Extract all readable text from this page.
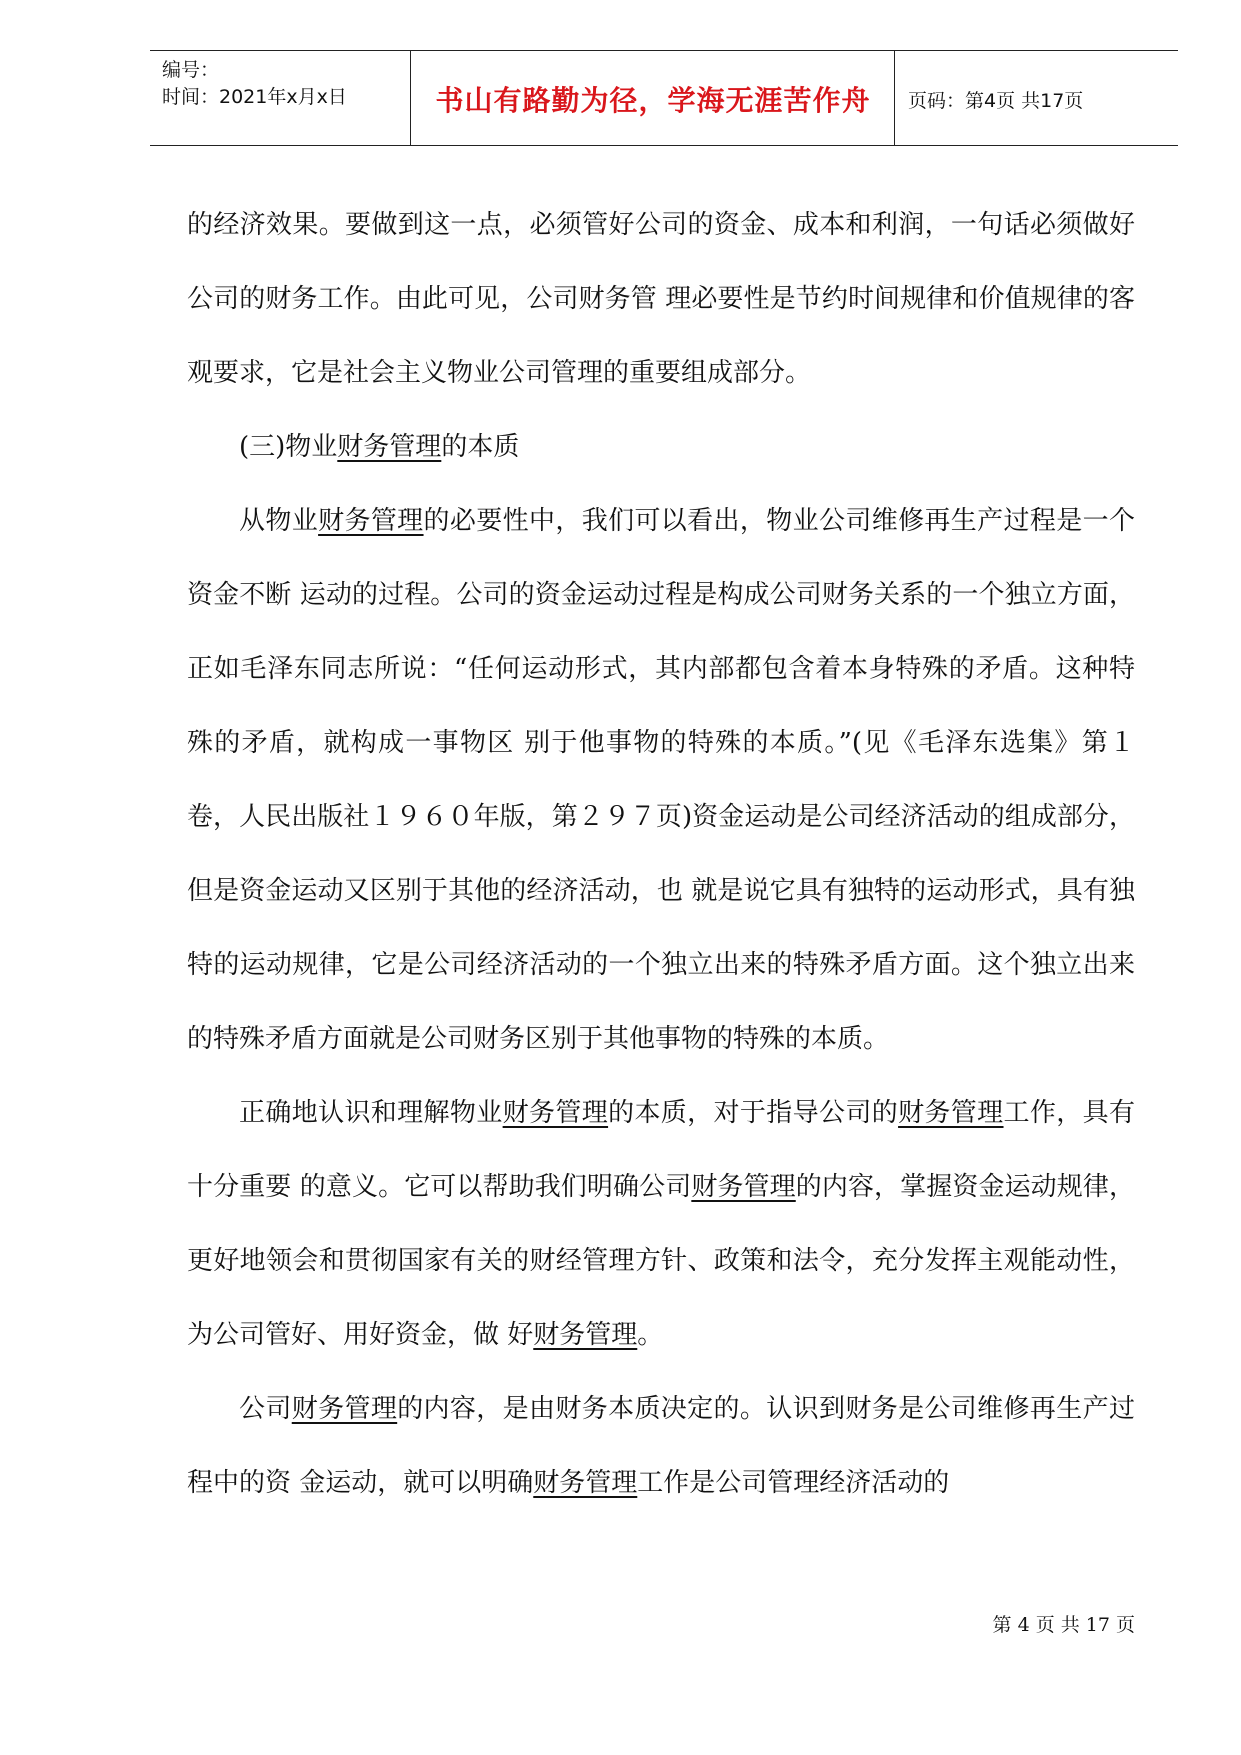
编号：
时间：2021年x月x日	书山有路勤为径，学海无涯苦作舟	页码：第4页 共17页

的经济效果。要做到这一点，必须管好公司的资金、成本和利润，一句话必须做好公司的财务工作。由此可见，公司财务管 理必要性是节约时间规律和价值规律的客观要求，它是社会主义物业公司管理的重要组成部分。

(三)物业财务管理的本质

从物业财务管理的必要性中，我们可以看出，物业公司维修再生产过程是一个资金不断 运动的过程。公司的资金运动过程是构成公司财务关系的一个独立方面，正如毛泽东同志所说：“任何运动形式，其内部都包含着本身特殊的矛盾。这种特殊的矛盾，就构成一事物区 别于他事物的特殊的本质。”(见《毛泽东选集》第１卷，人民出版社１９６０年版，第２９７页)资金运动是公司经济活动的组成部分，但是资金运动又区别于其他的经济活动，也 就是说它具有独特的运动形式，具有独特的运动规律，它是公司经济活动的一个独立出来的特殊矛盾方面。这个独立出来的特殊矛盾方面就是公司财务区别于其他事物的特殊的本质。

正确地认识和理解物业财务管理的本质，对于指导公司的财务管理工作，具有十分重要 的意义。它可以帮助我们明确公司财务管理的内容，掌握资金运动规律，更好地领会和贯彻国家有关的财经管理方针、政策和法令，充分发挥主观能动性，为公司管好、用好资金，做 好财务管理。

公司财务管理的内容，是由财务本质决定的。认识到财务是公司维修再生产过程中的资 金运动，就可以明确财务管理工作是公司管理经济活动的

第 4 页 共 17 页
